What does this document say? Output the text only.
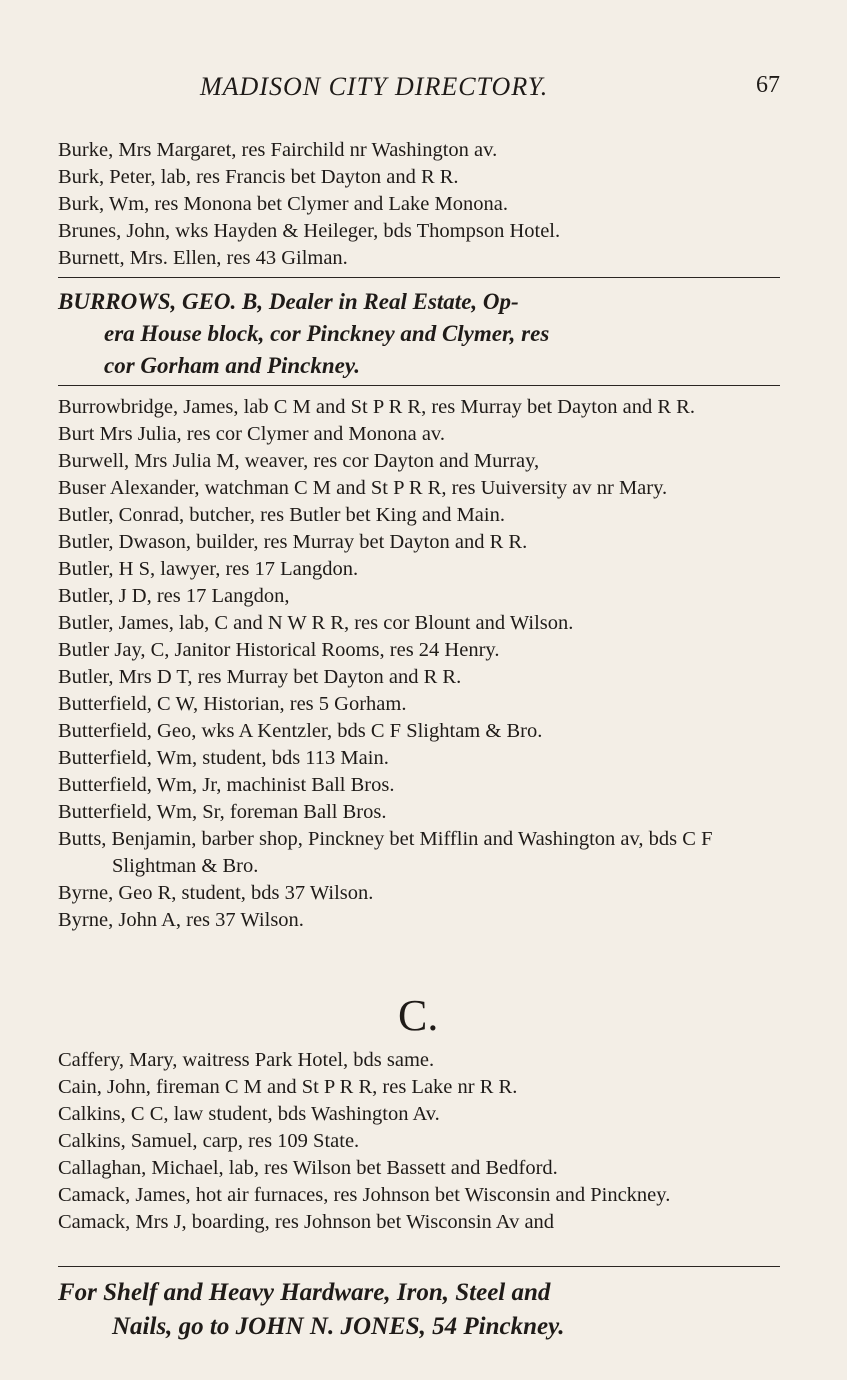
MADISON CITY DIRECTORY.	67
Burke, Mrs Margaret, res Fairchild nr Washington av.
Burk, Peter, lab, res Francis bet Dayton and R R.
Burk, Wm, res Monona bet Clymer and Lake Monona.
Brunes, John, wks Hayden & Heileger, bds Thompson Hotel.
Burnett, Mrs. Ellen, res 43 Gilman.
BURROWS, GEO. B, Dealer in Real Estate, Op-
era House block, cor Pinckney and Clymer, res
cor Gorham and Pinckney.
Burrowbridge, James, lab C M and St P R R, res Murray bet Dayton and R R.
Burt Mrs Julia, res cor Clymer and Monona av.
Burwell, Mrs Julia M, weaver, res cor Dayton and Murray,
Buser Alexander, watchman C M and St P R R, res Uuiversity av nr Mary.
Butler, Conrad, butcher, res Butler bet King and Main.
Butler, Dwason, builder, res Murray bet Dayton and R R.
Butler, H S, lawyer, res 17 Langdon.
Butler, J D, res 17 Langdon,
Butler, James, lab, C and N W R R, res cor Blount and Wilson.
Butler Jay, C, Janitor Historical Rooms, res 24 Henry.
Butler, Mrs D T, res Murray bet Dayton and R R.
Butterfield, C W, Historian, res 5 Gorham.
Butterfield, Geo, wks A Kentzler, bds C F Slightam & Bro.
Butterfield, Wm, student, bds 113 Main.
Butterfield, Wm, Jr, machinist Ball Bros.
Butterfield, Wm, Sr, foreman Ball Bros.
Butts, Benjamin, barber shop, Pinckney bet Mifflin and Washington av, bds C F Slightman & Bro.
Byrne, Geo R, student, bds 37 Wilson.
Byrne, John A, res 37 Wilson.
C.
Caffery, Mary, waitress Park Hotel, bds same.
Cain, John, fireman C M and St P R R, res Lake nr R R.
Calkins, C C, law student, bds Washington Av.
Calkins, Samuel, carp, res 109 State.
Callaghan, Michael, lab, res Wilson bet Bassett and Bedford.
Camack, James, hot air furnaces, res Johnson bet Wisconsin and Pinckney.
Camack, Mrs J, boarding, res Johnson bet Wisconsin Av and
For Shelf and Heavy Hardware, Iron, Steel and
Nails, go to JOHN N. JONES, 54 Pinckney.
